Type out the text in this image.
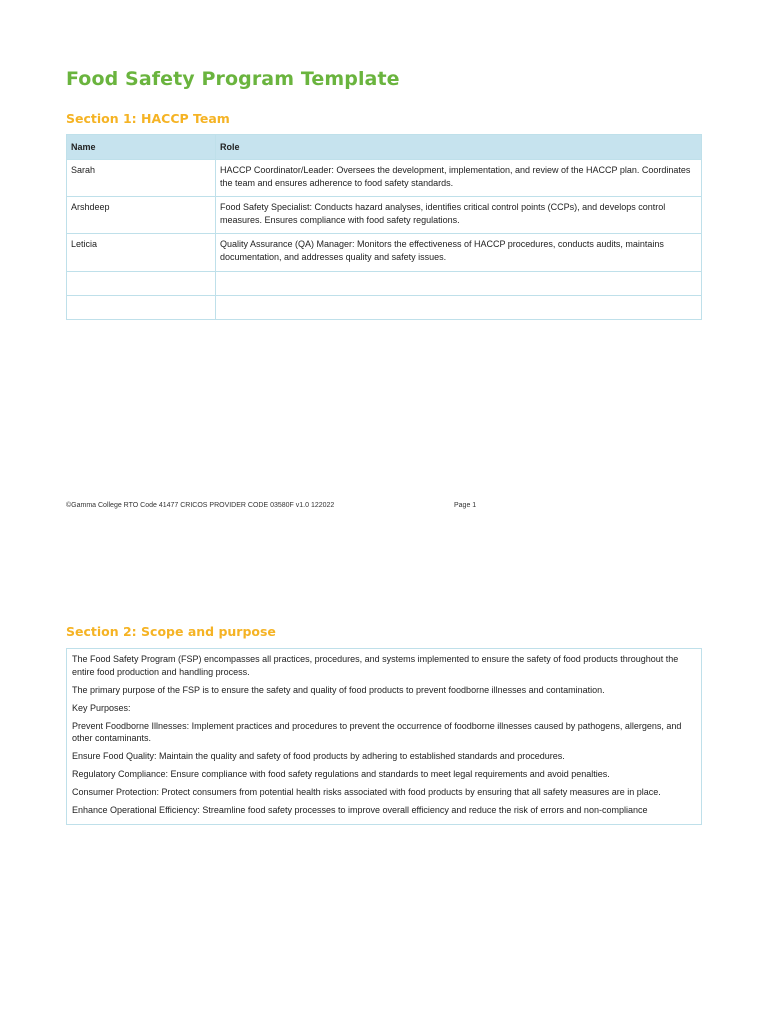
Food Safety Program Template
Section 1: HACCP Team
Name	Role
Sarah	HACCP Coordinator/Leader: Oversees the development, implementation, and review of the HACCP plan. Coordinates the team and ensures adherence to food safety standards.
Arshdeep	Food Safety Specialist: Conducts hazard analyses, identifies critical control points (CCPs), and develops control measures. Ensures compliance with food safety regulations.
Leticia	Quality Assurance (QA) Manager: Monitors the effectiveness of HACCP procedures, conducts audits, maintains documentation, and addresses quality and safety issues.

©Gamma College RTO Code 41477 CRICOS PROVIDER CODE 03580F v1.0 122022	Page 1
Section 2: Scope and purpose

The Food Safety Program (FSP) encompasses all practices, procedures, and systems implemented to ensure the safety of food products throughout the entire food production and handling process.

The primary purpose of the FSP is to ensure the safety and quality of food products to prevent foodborne illnesses and contamination.

Key Purposes:

Prevent Foodborne Illnesses: Implement practices and procedures to prevent the occurrence of foodborne illnesses caused by pathogens, allergens, and other contaminants.

Ensure Food Quality: Maintain the quality and safety of food products by adhering to established standards and procedures.

Regulatory Compliance: Ensure compliance with food safety regulations and standards to meet legal requirements and avoid penalties.

Consumer Protection: Protect consumers from potential health risks associated with food products by ensuring that all safety measures are in place.

Enhance Operational Efficiency: Streamline food safety processes to improve overall efficiency and reduce the risk of errors and non-compliance
